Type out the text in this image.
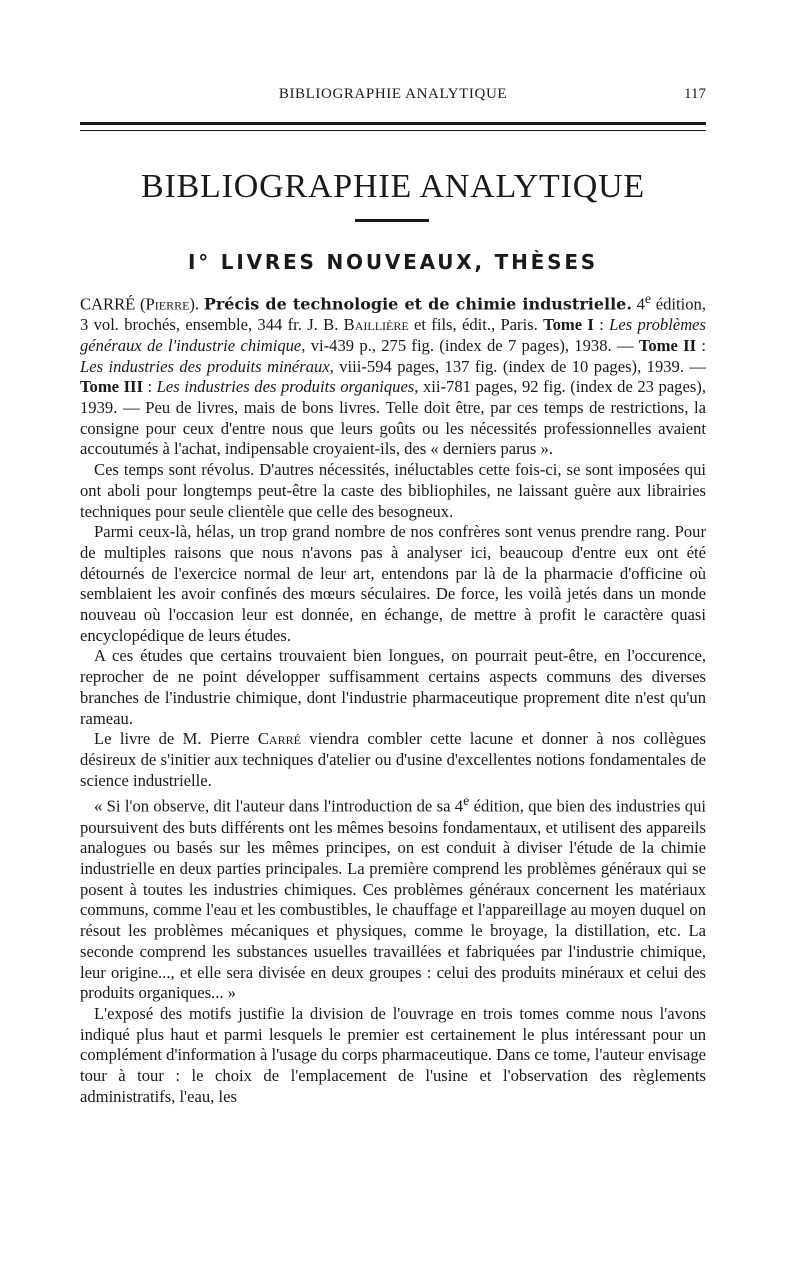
BIBLIOGRAPHIE ANALYTIQUE	117
BIBLIOGRAPHIE ANALYTIQUE
I° LIVRES NOUVEAUX, THÈSES

CARRÉ (Pierre). Précis de technologie et de chimie industrielle. 4e édition, 3 vol. brochés, ensemble, 344 fr. J. B. Baillière et fils, édit., Paris. Tome I : Les problèmes généraux de l'industrie chimique, vi-439 p., 275 fig. (index de 7 pages), 1938. — Tome II : Les industries des produits minéraux, viii-594 pages, 137 fig. (index de 10 pages), 1939. — Tome III : Les industries des produits organiques, xii-781 pages, 92 fig. (index de 23 pages), 1939. — Peu de livres, mais de bons livres. Telle doit être, par ces temps de restrictions, la consigne pour ceux d'entre nous que leurs goûts ou les nécessités professionnelles avaient accoutumés à l'achat, indipensable croyaient-ils, des « derniers parus ».

Ces temps sont révolus. D'autres nécessités, inéluctables cette fois-ci, se sont imposées qui ont aboli pour longtemps peut-être la caste des bibliophiles, ne laissant guère aux librairies techniques pour seule clientèle que celle des besogneux.

Parmi ceux-là, hélas, un trop grand nombre de nos confrères sont venus prendre rang. Pour de multiples raisons que nous n'avons pas à analyser ici, beaucoup d'entre eux ont été détournés de l'exercice normal de leur art, entendons par là de la pharmacie d'officine où semblaient les avoir confinés des mœurs séculaires. De force, les voilà jetés dans un monde nouveau où l'occasion leur est donnée, en échange, de mettre à profit le caractère quasi encyclopédique de leurs études.

A ces études que certains trouvaient bien longues, on pourrait peut-être, en l'occurence, reprocher de ne point développer suffisamment certains aspects communs des diverses branches de l'industrie chimique, dont l'industrie pharmaceutique proprement dite n'est qu'un rameau.

Le livre de M. Pierre Carré viendra combler cette lacune et donner à nos collègues désireux de s'initier aux techniques d'atelier ou d'usine d'excellentes notions fondamentales de science industrielle.

« Si l'on observe, dit l'auteur dans l'introduction de sa 4e édition, que bien des industries qui poursuivent des buts différents ont les mêmes besoins fondamentaux, et utilisent des appareils analogues ou basés sur les mêmes principes, on est conduit à diviser l'étude de la chimie industrielle en deux parties principales. La première comprend les problèmes généraux qui se posent à toutes les industries chimiques. Ces problèmes généraux concernent les matériaux communs, comme l'eau et les combustibles, le chauffage et l'appareillage au moyen duquel on résout les problèmes mécaniques et physiques, comme le broyage, la distillation, etc. La seconde comprend les substances usuelles travaillées et fabriquées par l'industrie chimique, leur origine..., et elle sera divisée en deux groupes : celui des produits minéraux et celui des produits organiques... »

L'exposé des motifs justifie la division de l'ouvrage en trois tomes comme nous l'avons indiqué plus haut et parmi lesquels le premier est certainement le plus intéressant pour un complément d'information à l'usage du corps pharmaceutique. Dans ce tome, l'auteur envisage tour à tour : le choix de l'emplacement de l'usine et l'observation des règlements administratifs, l'eau, les
